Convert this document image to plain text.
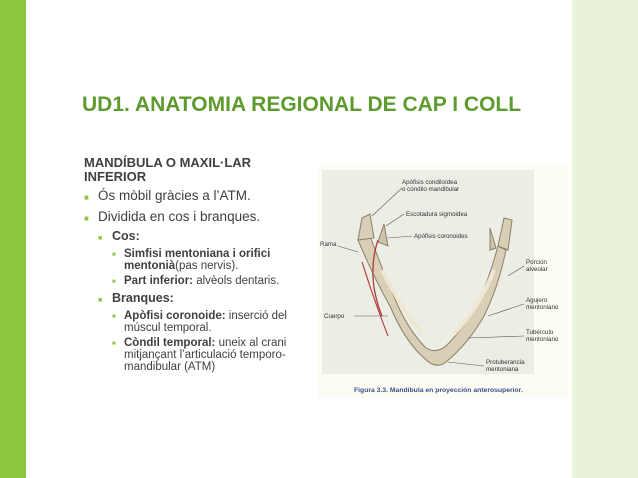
UD1. ANATOMIA REGIONAL DE CAP I COLL

MANDÍBULA O MAXIL·LAR INFERIOR

■ Ós mòbil gràcies a l’ATM.
■ Dividida en cos i branques.
■ Cos:
■ Simfisi mentoniana i orifici mentonià(pas nervis).
■ Part inferior: alvèols dentaris.
■ Branques:
■ Apòfisi coronoide: inserció del múscul temporal.
■ Còndil temporal: uneix al crani mitjançant l’articulació temporo-mandibular (ATM)
Apófisis condiloídea o cóndilo mandibular
Escotadura sigmoidea
Apófisis coronoides
Rama
Porción alveolar
Agujero mentoniano
Cuerpo
Tubérculo mentoniano
Protuberancia mentoniana
Figura 3.3. Mandíbula en proyección anterosuperior.
